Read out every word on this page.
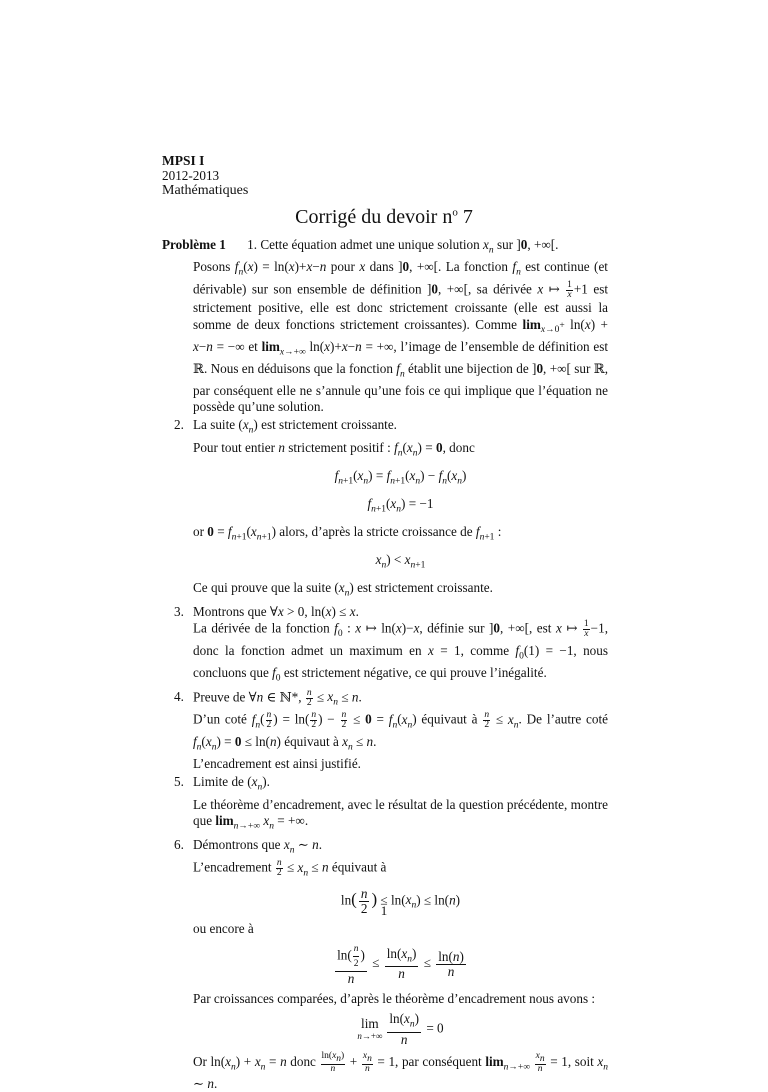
MPSI I
2012-2013
Mathématiques
Corrigé du devoir $n^o$ 7
Problème 1 1. Cette équation admet une unique solution $x_n$ sur ]0, +∞[.
Posons $f_n(x) = \ln(x)+x-n$ pour x dans ]0, +∞[. La fonction $f_n$ est continue (et dérivable) sur son ensemble de définition ]0, +∞[, sa dérivée x ↦ $\frac{1}{x} +1$ est strictement positive, elle est donc strictement croissante (elle est aussi la somme de deux fonctions strictement croissantes). Comme $\lim_{x\to 0^+} \ln(x) + x-n$ = −∞ et $\lim_{x\to+\infty} \ln(x)+x-n$ = +∞, l’image de l’ensemble de définition est ℝ. Nous en déduisons que la fonction $f_n$ établit une bijection de ]0, +∞[ sur ℝ, par conséquent elle ne s’annule qu’une fois ce qui implique que l’équation ne possède qu’une solution.
2. La suite $(x_n)$ est strictement croissante.
Pour tout entier n strictement positif : $f_n(x_n) = 0$, donc
$f_{n+1}(x_n) = f_{n+1}(x_n) - f_n(x_n)$
$f_{n+1}(x_n) = -1$
or $0 = f_{n+1}(x_{n+1})$ alors, d’après la stricte croissance de $f_{n+1}$ :
$x_n) < x_{n+1}$
Ce qui prouve que la suite $(x_n)$ est strictement croissante.
3. Montrons que ∀x > 0, ln(x) ≤ x.
La dérivée de la fonction $f_0$ : x ↦ ln(x)−x, définie sur ]0, +∞[, est x ↦ $\frac{1}{x} -1$, donc la fonction admet un maximum en x = 1, comme $f_0(1) = -1$, nous concluons que $f_0$ est strictement négative, ce qui prouve l’inégalité.
4. Preuve de ∀n ∈ ℕ*, $\frac{n}{2} \le x_n \le n$.
D’un coté $f_n( \frac{n}{2}$ ) = $\ln( \frac{n}{2}$ ) − $\frac{n}{2} \le 0 = f_n(x_n)$ équivaut à $\frac{n}{2} \le x_n$. De l’autre coté $f_n(x_n) = 0 \le \ln(n)$ équivaut à $x_n \le n$.
L’encadrement est ainsi justifié.
5. Limite de $(x_n)$.
Le théorème d’encadrement, avec le résultat de la question précédente, montre que $\lim_{n\to+\infty} x_n$ = +∞.
6. Démontrons que $x_n$ ∼ n.
L’encadrement $\frac{n}{2} \le x_n \le n$ équivaut à
$\ln( \frac{n}{2}$ ) ≤ $\ln(x_n) \le \ln(n)$
ou encore à
$\frac{\ln( \frac{n}{2} )}{n} \le \frac{\ln(x_n)}{n} \le \frac{\ln(n)}{n}$
Par croissances comparées, d’après le théorème d’encadrement nous avons :
lim
$n\to+\infty \frac{\ln(x_n)}{n} = 0$
Or $\ln(x_n) + x_n = n$ donc $\frac{\ln(x_n)}{n} + \frac{x_n}{n} = 1$, par conséquent $\lim_{n\to+\infty} \frac{x_n}{n} = 1$, soit $x_n$ ∼ n.
1
